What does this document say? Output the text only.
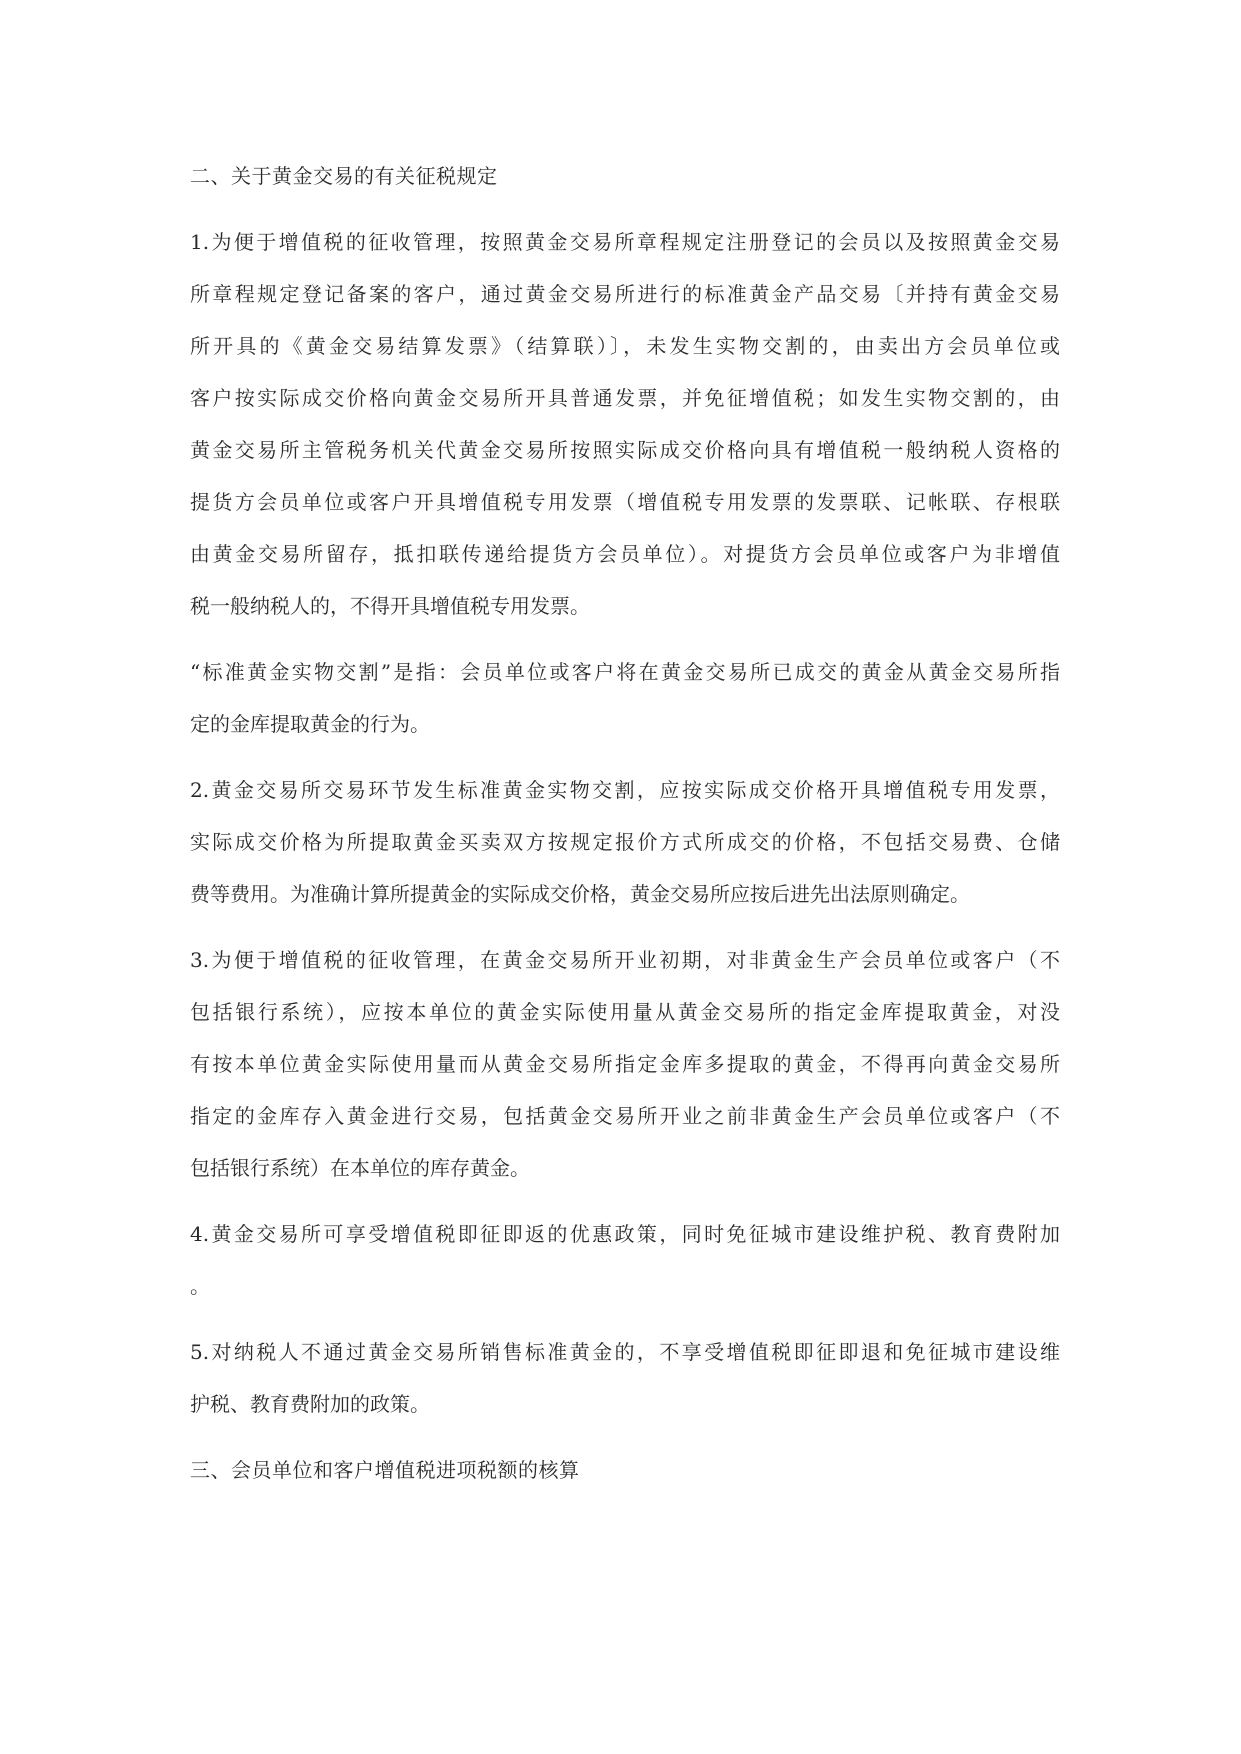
二、关于黄金交易的有关征税规定
1.为便于增值税的征收管理，按照黄金交易所章程规定注册登记的会员以及按照黄金交易
所章程规定登记备案的客户，通过黄金交易所进行的标准黄金产品交易〔并持有黄金交易
所开具的《黄金交易结算发票》（结算联）〕，未发生实物交割的，由卖出方会员单位或
客户按实际成交价格向黄金交易所开具普通发票，并免征增值税；如发生实物交割的，由
黄金交易所主管税务机关代黄金交易所按照实际成交价格向具有增值税一般纳税人资格的
提货方会员单位或客户开具增值税专用发票（增值税专用发票的发票联、记帐联、存根联
由黄金交易所留存，抵扣联传递给提货方会员单位）。对提货方会员单位或客户为非增值
税一般纳税人的，不得开具增值税专用发票。
“标准黄金实物交割”是指：会员单位或客户将在黄金交易所已成交的黄金从黄金交易所指
定的金库提取黄金的行为。
2.黄金交易所交易环节发生标准黄金实物交割，应按实际成交价格开具增值税专用发票，
实际成交价格为所提取黄金买卖双方按规定报价方式所成交的价格，不包括交易费、仓储
费等费用。为准确计算所提黄金的实际成交价格，黄金交易所应按后进先出法原则确定。
3.为便于增值税的征收管理，在黄金交易所开业初期，对非黄金生产会员单位或客户（不
包括银行系统），应按本单位的黄金实际使用量从黄金交易所的指定金库提取黄金，对没
有按本单位黄金实际使用量而从黄金交易所指定金库多提取的黄金，不得再向黄金交易所
指定的金库存入黄金进行交易，包括黄金交易所开业之前非黄金生产会员单位或客户（不
包括银行系统）在本单位的库存黄金。
4.黄金交易所可享受增值税即征即返的优惠政策，同时免征城市建设维护税、教育费附加
。
5.对纳税人不通过黄金交易所销售标准黄金的，不享受增值税即征即退和免征城市建设维
护税、教育费附加的政策。
三、会员单位和客户增值税进项税额的核算
